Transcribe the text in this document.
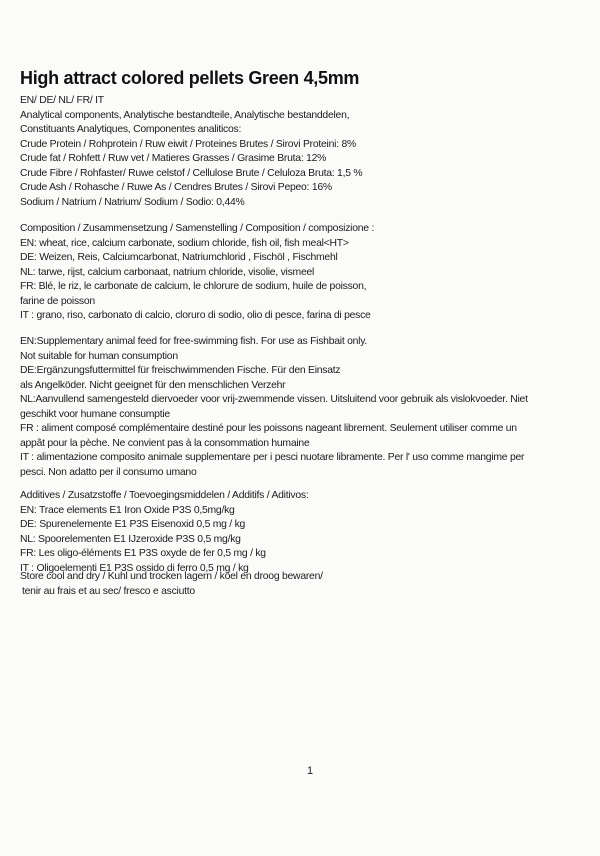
High attract colored pellets Green 4,5mm
EN/ DE/ NL/ FR/ IT
Analytical components, Analytische bestandteile, Analytische bestanddelen,
Constituants Analytiques, Componentes analiticos:
Crude Protein / Rohprotein / Ruw eiwit / Proteines Brutes / Sirovi Proteini: 8%
Crude fat / Rohfett / Ruw vet / Matieres Grasses / Grasime Bruta: 12%
Crude Fibre / Rohfaster/ Ruwe celstof / Cellulose Brute / Celuloza Bruta: 1,5 %
Crude Ash / Rohasche / Ruwe As / Cendres Brutes / Sirovi Pepeo: 16%
Sodium / Natrium / Natrium/ Sodium / Sodio: 0,44%
Composition / Zusammensetzung / Samenstelling / Composition / composizione :
EN: wheat, rice, calcium carbonate, sodium chloride, fish oil, fish meal<HT>
DE: Weizen, Reis, Calciumcarbonat, Natriumchlorid , Fischöl , Fischmehl
NL: tarwe, rijst, calcium carbonaat, natrium chloride, visolie, vismeel
FR: Blé, le riz, le carbonate de calcium, le chlorure de sodium, huile de poisson,
farine de poisson
IT : grano, riso, carbonato di calcio, cloruro di sodio, olio di pesce, farina di pesce
EN:Supplementary animal feed for free-swimming fish. For use as Fishbait only.
Not suitable for human consumption
DE:Ergänzungsfuttermittel für freischwimmenden Fische. Für den Einsatz
als Angelköder. Nicht geeignet für den menschlichen Verzehr
NL:Aanvullend samengesteld diervoeder voor vrij-zwemmende vissen. Uitsluitend voor gebruik als vislokvoeder. Niet
geschikt voor humane consumptie
FR : aliment composé complémentaire destiné pour les poissons nageant librement. Seulement utiliser comme un
appât pour la pèche. Ne convient pas à la consommation humaine
IT : alimentazione composito animale supplementare per i pesci nuotare libramente. Per l' uso comme mangime per
pesci. Non adatto per il consumo umano
Additives / Zusatzstoffe / Toevoegingsmiddelen / Additifs / Aditivos:
EN: Trace elements E1 Iron Oxide P3S 0,5mg/kg
DE: Spurenelemente E1 P3S Eisenoxid 0,5 mg / kg
NL: Spoorelementen E1 IJzeroxide P3S 0,5 mg/kg
FR: Les oligo-éléments E1 P3S oxyde de fer 0,5 mg / kg
IT : Oligoelementi E1 P3S ossido di ferro 0,5 mg / kg
Store cool and dry / Kuhl und trocken lagern / koel en droog bewaren/
tenir au frais et au sec/ fresco e asciutto
1
